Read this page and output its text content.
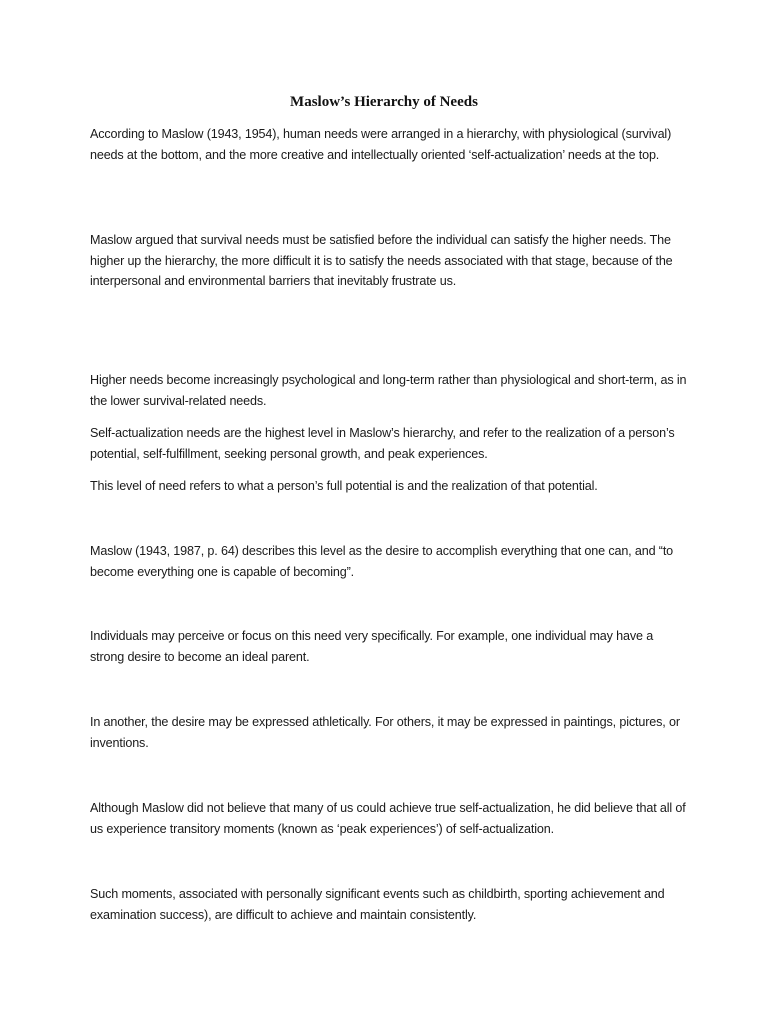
Maslow’s Hierarchy of Needs

According to Maslow (1943, 1954), human needs were arranged in a hierarchy, with physiological (survival) needs at the bottom, and the more creative and intellectually oriented ‘self-actualization’ needs at the top.

Maslow argued that survival needs must be satisfied before the individual can satisfy the higher needs. The higher up the hierarchy, the more difficult it is to satisfy the needs associated with that stage, because of the interpersonal and environmental barriers that inevitably frustrate us.

Higher needs become increasingly psychological and long-term rather than physiological and short-term, as in the lower survival-related needs.

Self-actualization needs are the highest level in Maslow’s hierarchy, and refer to the realization of a person’s potential, self-fulfillment, seeking personal growth, and peak experiences.

This level of need refers to what a person’s full potential is and the realization of that potential.

Maslow (1943, 1987, p. 64) describes this level as the desire to accomplish everything that one can, and “to become everything one is capable of becoming”.

Individuals may perceive or focus on this need very specifically. For example, one individual may have a strong desire to become an ideal parent.

In another, the desire may be expressed athletically. For others, it may be expressed in paintings, pictures, or inventions.

Although Maslow did not believe that many of us could achieve true self-actualization, he did believe that all of us experience transitory moments (known as ‘peak experiences’) of self-actualization.

Such moments, associated with personally significant events such as childbirth, sporting achievement and examination success), are difficult to achieve and maintain consistently.
